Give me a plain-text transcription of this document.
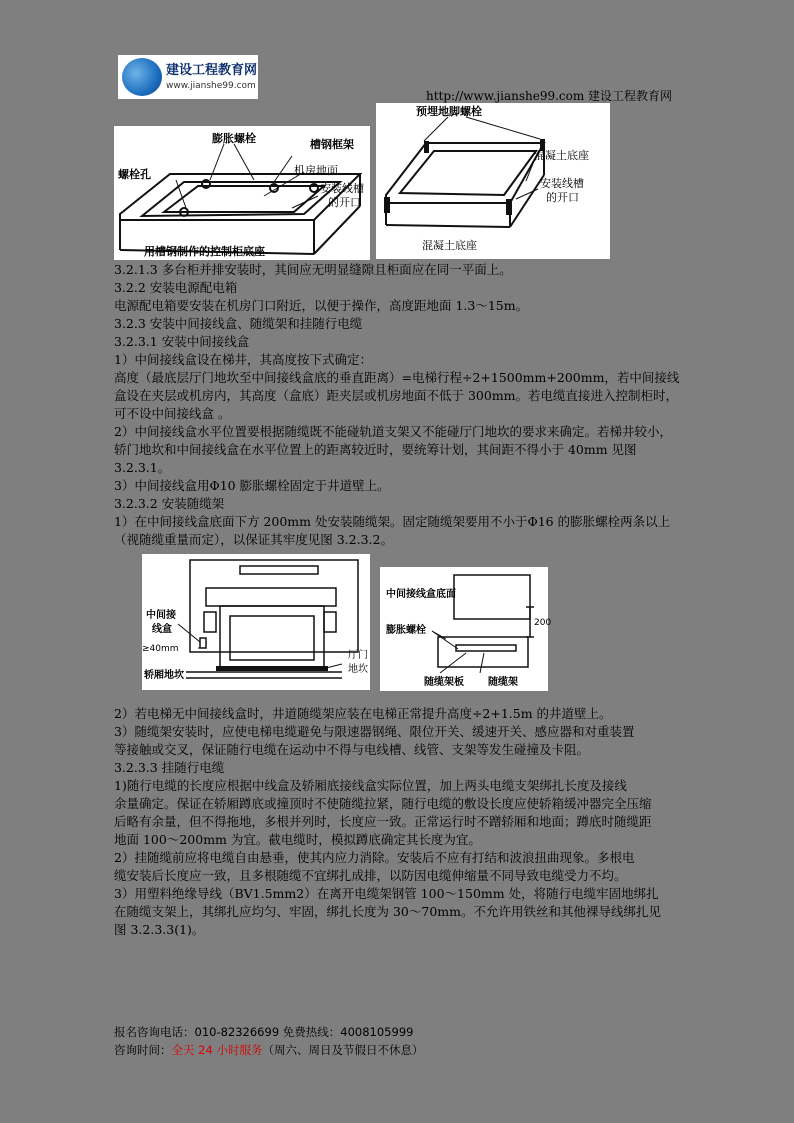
建设工程教育网
www.jianshe99.com
http://www.jianshe99.com 建设工程教育网
膨胀螺栓	槽钢框架
螺栓孔	机房地面
安装线槽
的开口
用槽钢制作的控制柜底座
预埋地脚螺栓
混凝土底座
安装线槽
的开口
混凝土底座
3.2.1.3 多台柜并排安装时，其间应无明显缝隙且柜面应在同一平面上。
3.2.2 安装电源配电箱
电源配电箱要安装在机房门口附近，以便于操作，高度距地面 1.3～15m。
3.2.3 安装中间接线盒、随缆架和挂随行电缆
3.2.3.1 安装中间接线盒
1）中间接线盒设在梯井，其高度按下式确定：
高度（最底层厅门地坎至中间接线盒底的垂直距离）=电梯行程÷2+1500mm+200mm，若中间接线
盒设在夹层或机房内，其高度（盒底）距夹层或机房地面不低于 300mm。若电缆直接进入控制柜时，
可不设中间接线盒 。
2）中间接线盒水平位置要根据随缆既不能碰轨道支架又不能碰厅门地坎的要求来确定。若梯井较小，
轿门地坎和中间接线盒在水平位置上的距离较近时，要统筹计划，其间距不得小于 40mm 见图
3.2.3.1。
3）中间接线盒用Φ10 膨胀螺栓固定于井道壁上。
3.2.3.2 安装随缆架
1）在中间接线盒底面下方 200mm 处安装随缆架。固定随缆架要用不小于Φ16 的膨胀螺栓两条以上
（视随缆重量而定），以保证其牢度见图 3.2.3.2。
中间接
线盒
≥40mm
轿厢地坎
厅门
地坎
中间接线盒底面
膨胀螺栓
200
随缆架板 随缆架
2）若电梯无中间接线盒时，井道随缆架应装在电梯正常提升高度÷2+1.5m 的井道壁上。
3）随缆架安装时，应使电梯电缆避免与限速器钢绳、限位开关、缓速开关、感应器和对重装置
等接触或交叉，保证随行电缆在运动中不得与电线槽、线管、支架等发生碰撞及卡阻。
3.2.3.3 挂随行电缆
1)随行电缆的长度应根据中线盒及轿厢底接线盒实际位置，加上两头电缆支架绑扎长度及接线
余量确定。保证在轿厢蹲底或撞顶时不使随缆拉紧，随行电缆的敷设长度应使轿箱缓冲器完全压缩
后略有余量，但不得拖地，多根并列时，长度应一致。正常运行时不蹭轿厢和地面；蹲底时随缆距
地面 100～200mm 为宜。截电缆时，模拟蹲底确定其长度为宜。
2）挂随缆前应将电缆自由悬垂，使其内应力消除。安装后不应有打结和波浪扭曲现象。多根电
缆安装后长度应一致，且多根随缆不宜绑扎成排，以防因电缆伸缩量不同导致电缆受力不均。
3）用塑料绝缘导线（BV1.5mm2）在离开电缆架钢管 100～150mm 处，将随行电缆牢固地绑扎
在随缆支架上，其绑扎应均匀、牢固，绑扎长度为 30～70mm。不允许用铁丝和其他裸导线绑扎见
图 3.2.3.3(1)。
报名咨询电话：010-82326699 免费热线：4008105999
咨询时间：全天 24 小时服务（周六、周日及节假日不休息）
